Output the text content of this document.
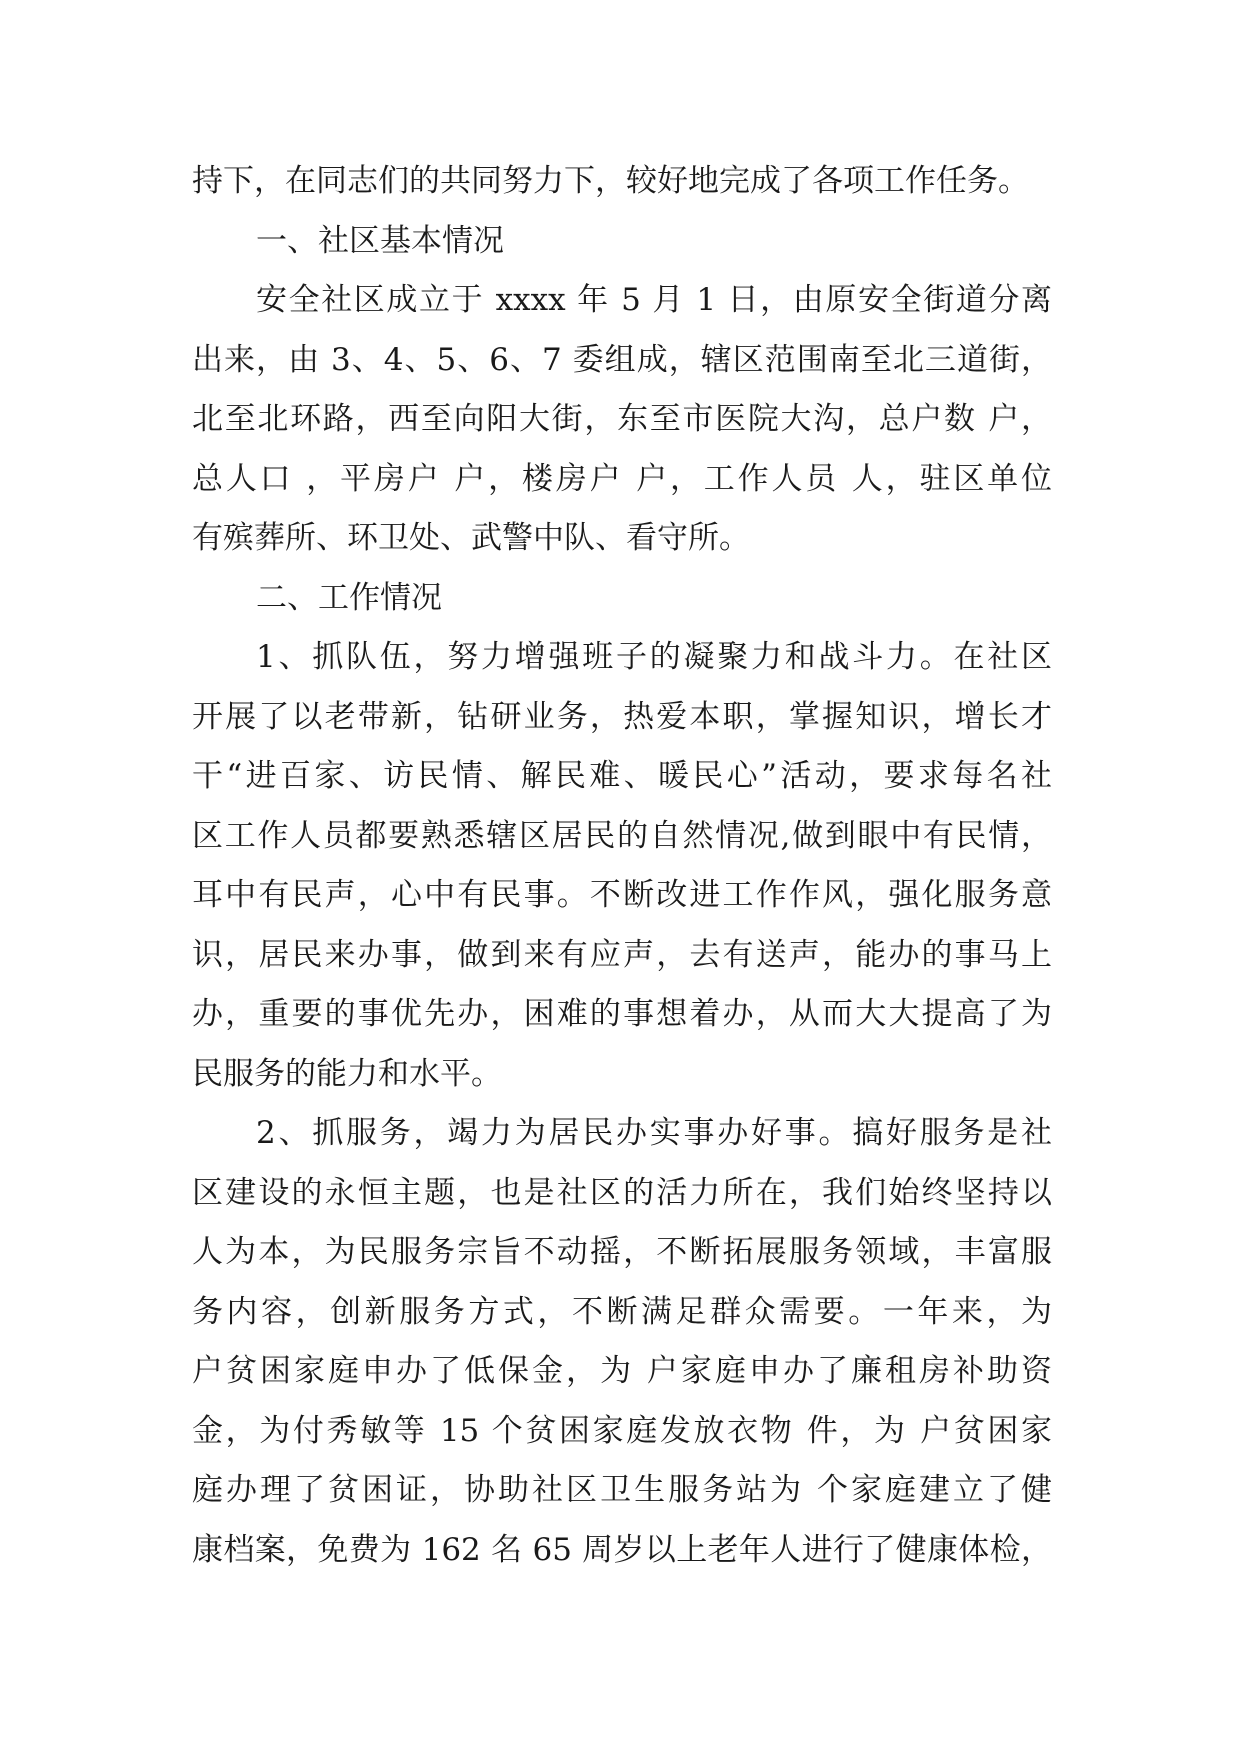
持下，在同志们的共同努力下，较好地完成了各项工作任务。
一、社区基本情况
安全社区成立于 xxxx 年 5 月 1 日，由原安全街道分离
出来，由 3、4、5、6、7 委组成，辖区范围南至北三道街，
北至北环路，西至向阳大街，东至市医院大沟，总户数 户，
总人口 ，平房户 户，楼房户 户，工作人员 人，驻区单位
有殡葬所、环卫处、武警中队、看守所。
二、工作情况
1、抓队伍，努力增强班子的凝聚力和战斗力。在社区
开展了以老带新，钻研业务，热爱本职，掌握知识，增长才
干“进百家、访民情、解民难、暖民心”活动，要求每名社
区工作人员都要熟悉辖区居民的自然情况,做到眼中有民情，
耳中有民声，心中有民事。不断改进工作作风，强化服务意
识，居民来办事，做到来有应声，去有送声，能办的事马上
办，重要的事优先办，困难的事想着办，从而大大提高了为
民服务的能力和水平。
2、抓服务，竭力为居民办实事办好事。搞好服务是社
区建设的永恒主题，也是社区的活力所在，我们始终坚持以
人为本，为民服务宗旨不动摇，不断拓展服务领域，丰富服
务内容，创新服务方式，不断满足群众需要。一年来，为
户贫困家庭申办了低保金，为 户家庭申办了廉租房补助资
金，为付秀敏等 15 个贫困家庭发放衣物 件，为 户贫困家
庭办理了贫困证，协助社区卫生服务站为 个家庭建立了健
康档案，免费为 162 名 65 周岁以上老年人进行了健康体检，
